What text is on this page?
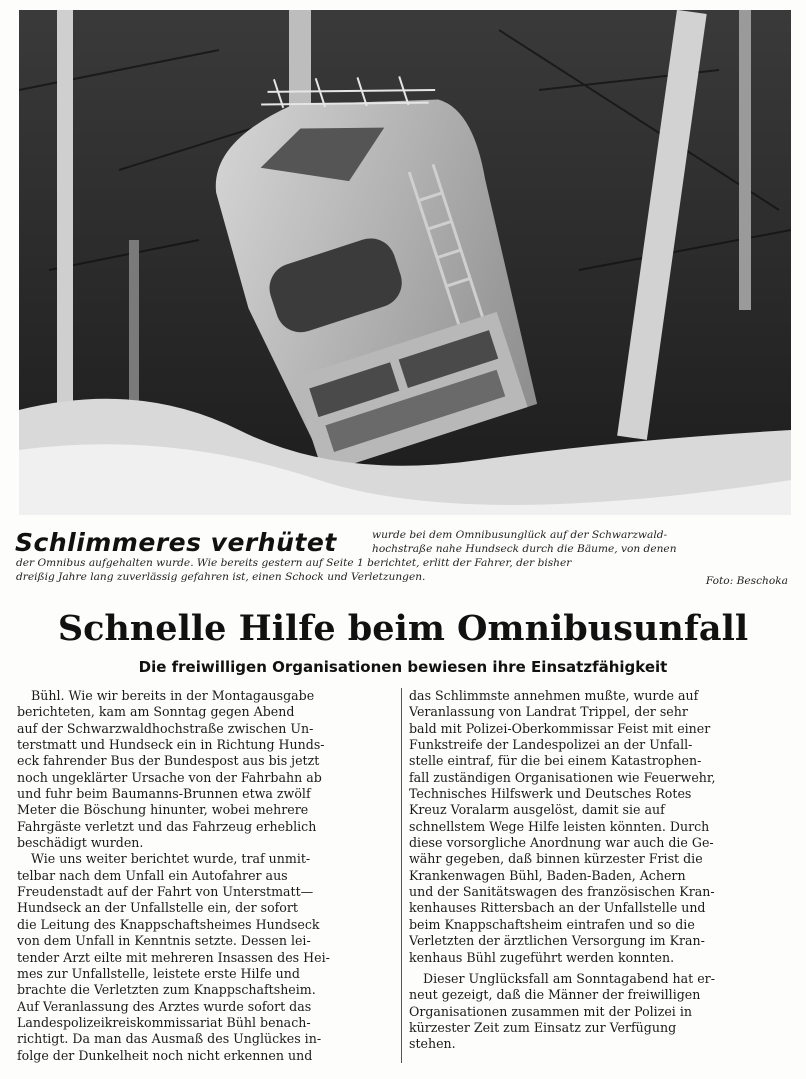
Schlimmeres verhütet	wurde bei dem Omnibusunglück auf der Schwarzwald-
hochstraße nahe Hundseck durch die Bäume, von denen
der Omnibus aufgehalten wurde. Wie bereits gestern auf Seite 1 berichtet, erlitt der Fahrer, der bisher
dreißig Jahre lang zuverlässig gefahren ist, einen Schock und Verletzungen.	Foto: Beschoka
Schnelle Hilfe beim Omnibusunfall
Die freiwilligen Organisationen bewiesen ihre Einsatzfähigkeit
Bühl. Wie wir bereits in der Montagausgabe
berichteten, kam am Sonntag gegen Abend
auf der Schwarzwaldhochstraße zwischen Un-
terstmatt und Hundseck ein in Richtung Hunds-
eck fahrender Bus der Bundespost aus bis jetzt
noch ungeklärter Ursache von der Fahrbahn ab
und fuhr beim Baumanns-Brunnen etwa zwölf
Meter die Böschung hinunter, wobei mehrere
Fahrgäste verletzt und das Fahrzeug erheblich
beschädigt wurden.
Wie uns weiter berichtet wurde, traf unmit-
telbar nach dem Unfall ein Autofahrer aus
Freudenstadt auf der Fahrt von Unterstmatt—
Hundseck an der Unfallstelle ein, der sofort
die Leitung des Knappschaftsheimes Hundseck
von dem Unfall in Kenntnis setzte. Dessen lei-
tender Arzt eilte mit mehreren Insassen des Hei-
mes zur Unfallstelle, leistete erste Hilfe und
brachte die Verletzten zum Knappschaftsheim.
Auf Veranlassung des Arztes wurde sofort das
Landespolizeikreiskommissariat Bühl benach-
richtigt. Da man das Ausmaß des Unglückes in-
folge der Dunkelheit noch nicht erkennen und
das Schlimmste annehmen mußte, wurde auf
Veranlassung von Landrat Trippel, der sehr
bald mit Polizei-Oberkommissar Feist mit einer
Funkstreife der Landespolizei an der Unfall-
stelle eintraf, für die bei einem Katastrophen-
fall zuständigen Organisationen wie Feuerwehr,
Technisches Hilfswerk und Deutsches Rotes
Kreuz Voralarm ausgelöst, damit sie auf
schnellstem Wege Hilfe leisten könnten. Durch
diese vorsorgliche Anordnung war auch die Ge-
währ gegeben, daß binnen kürzester Frist die
Krankenwagen Bühl, Baden-Baden, Achern
und der Sanitätswagen des französischen Kran-
kenhauses Rittersbach an der Unfallstelle und
beim Knappschaftsheim eintrafen und so die
Verletzten der ärztlichen Versorgung im Kran-
kenhaus Bühl zugeführt werden konnten.
Dieser Unglücksfall am Sonntagabend hat er-
neut gezeigt, daß die Männer der freiwilligen
Organisationen zusammen mit der Polizei in
kürzester Zeit zum Einsatz zur Verfügung
stehen.
